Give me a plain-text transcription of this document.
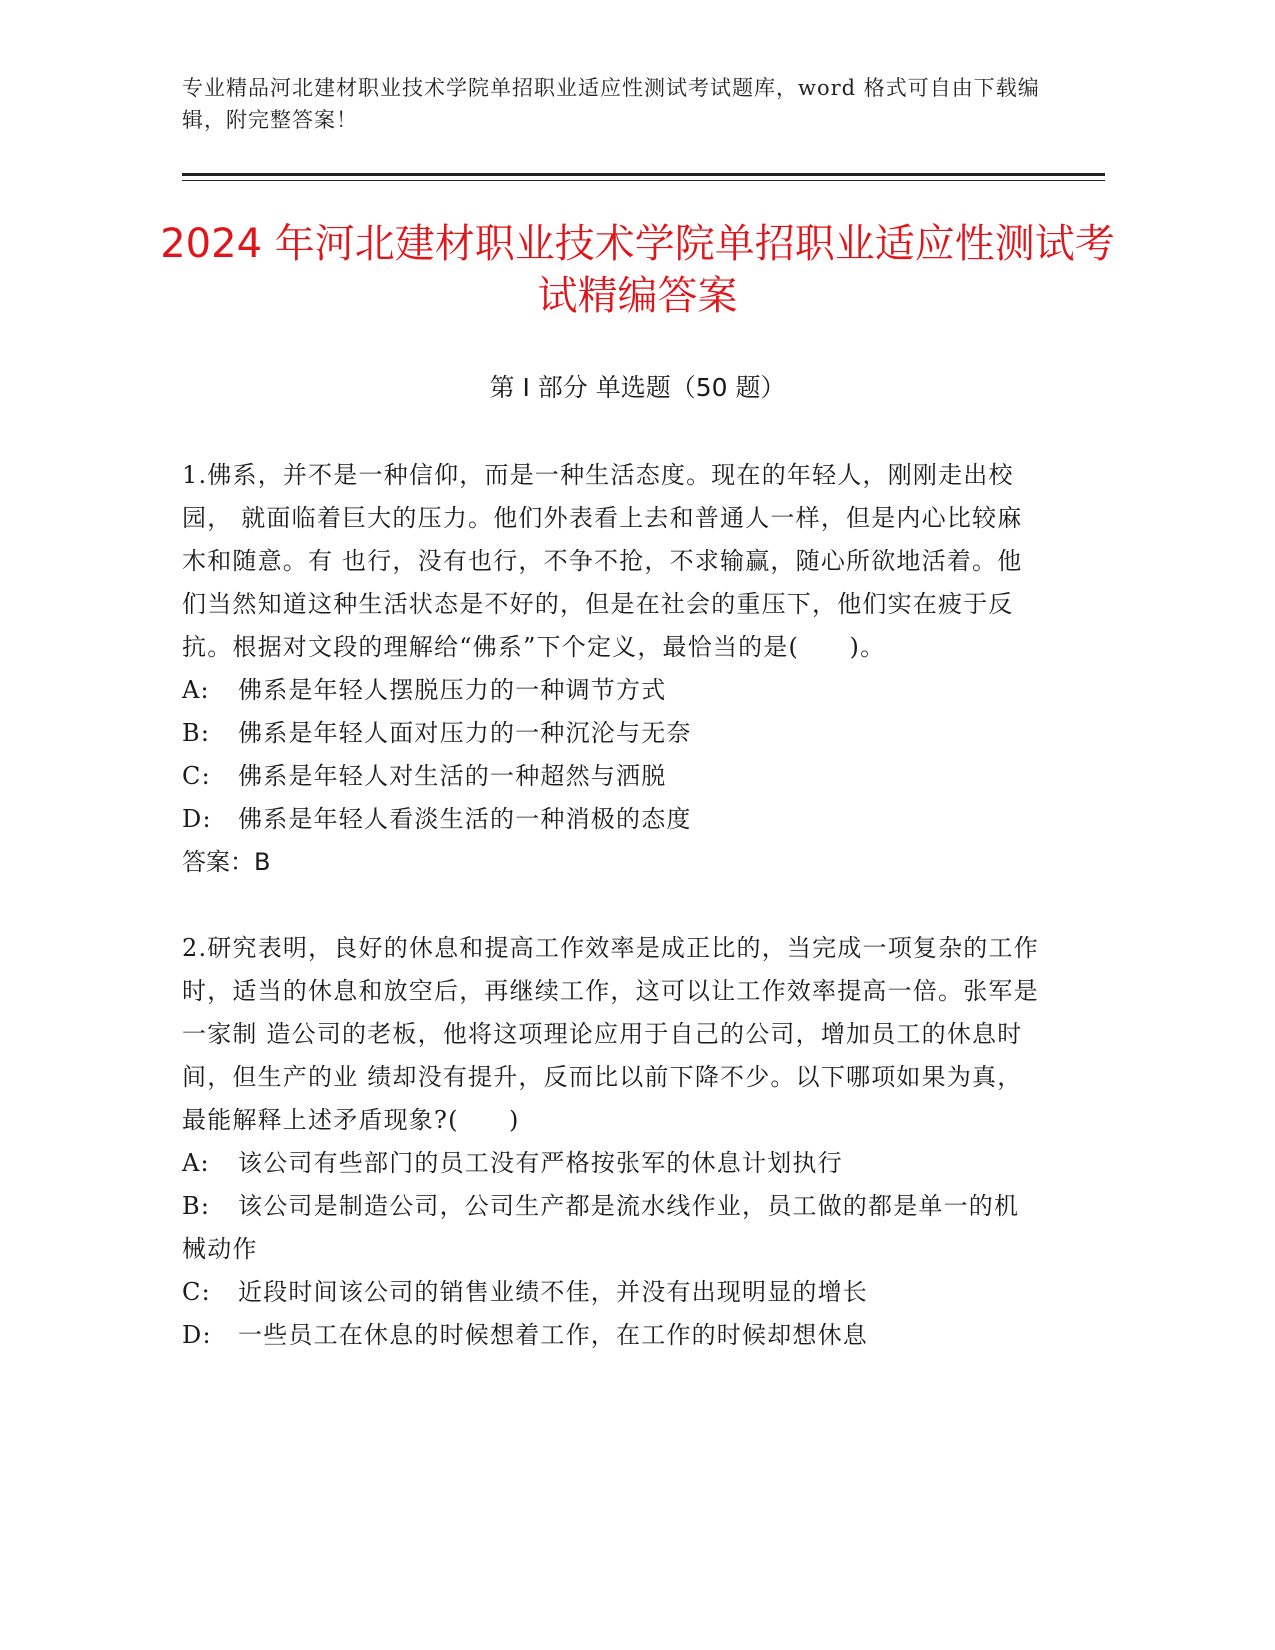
专业精品河北建材职业技术学院单招职业适应性测试考试题库，word 格式可自由下载编辑，附完整答案！
2024 年河北建材职业技术学院单招职业适应性测试考试精编答案
第 I 部分 单选题（50 题）

1.佛系，并不是一种信仰，而是一种生活态度。现在的年轻人，刚刚走出校园， 就面临着巨大的压力。他们外表看上去和普通人一样，但是内心比较麻木和随意。有 也行，没有也行，不争不抢，不求输赢，随心所欲地活着。他们当然知道这种生活状态是不好的，但是在社会的重压下，他们实在疲于反抗。根据对文段的理解给“佛系”下个定义，最恰当的是(　　)。

A:	佛系是年轻人摆脱压力的一种调节方式

B:	佛系是年轻人面对压力的一种沉沦与无奈

C:	佛系是年轻人对生活的一种超然与洒脱

D:	佛系是年轻人看淡生活的一种消极的态度

答案：B

2.研究表明，良好的休息和提高工作效率是成正比的，当完成一项复杂的工作 时，适当的休息和放空后，再继续工作，这可以让工作效率提高一倍。张军是一家制 造公司的老板，他将这项理论应用于自己的公司，增加员工的休息时间，但生产的业 绩却没有提升，反而比以前下降不少。以下哪项如果为真，最能解释上述矛盾现象?(　　)

A:	该公司有些部门的员工没有严格按张军的休息计划执行

B: 该公司是制造公司，公司生产都是流水线作业，员工做的都是单一的机械动作

C:	近段时间该公司的销售业绩不佳，并没有出现明显的增长

D:	一些员工在休息的时候想着工作，在工作的时候却想休息
